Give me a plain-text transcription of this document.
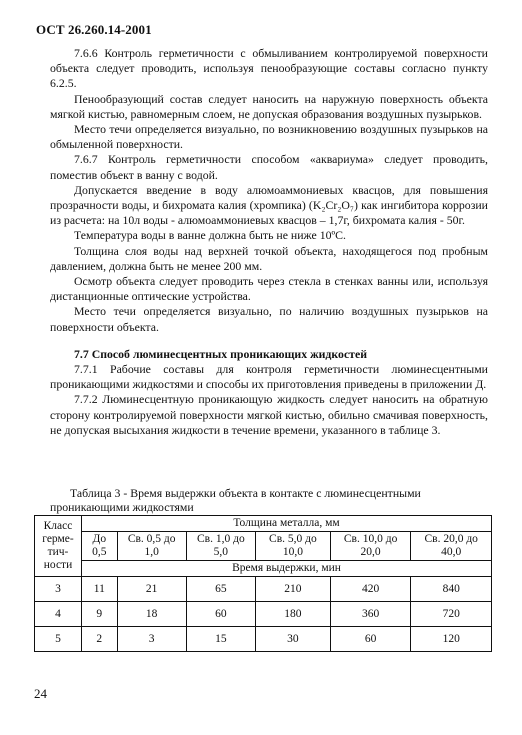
ОСТ 26.260.14-2001

7.6.6 Контроль герметичности с обмыливанием контролируемой поверхности объекта следует проводить, используя пенообразующие составы согласно пункту 6.2.5.

Пенообразующий состав следует наносить на наружную поверхность объекта мягкой кистью, равномерным слоем, не допуская образования воздушных пузырьков.

Место течи определяется визуально, по возникновению воздушных пузырьков на обмыленной поверхности.

7.6.7 Контроль герметичности способом «аквариума» следует проводить, поместив объект в ванну с водой.

Допускается введение в воду алюмоаммониевых квасцов, для повышения прозрачности воды, и бихромата калия (хромпика) (K₂Cr₂O₇) как ингибитора коррозии из расчета: на 10л воды - алюмоаммониевых квасцов – 1,7г, бихромата калия - 50г.

Температура воды в ванне должна быть не ниже 10ºС.

Толщина слоя воды над верхней точкой объекта, находящегося под пробным давлением, должна быть не менее 200 мм.

Осмотр объекта следует проводить через стекла в стенках ванны или, используя дистанционные оптические устройства.

Место течи определяется визуально, по наличию воздушных пузырьков на поверхности объекта.

7.7 Способ люминесцентных проникающих жидкостей

7.7.1 Рабочие составы для контроля герметичности люминесцентными проникающими жидкостями и способы их приготовления приведены в приложении Д.

7.7.2 Люминесцентную проникающую жидкость следует наносить на обратную сторону контролируемой поверхности мягкой кистью, обильно смачивая поверхность, не допуская высыхания жидкости в течение времени, указанного в таблице 3.

Таблица 3 - Время выдержки объекта в контакте с люминесцентными
проникающими жидкостями
Класс герме-тич-ности	Толщина металла, мм					
	До 0,5	Св. 0,5 до 1,0	Св. 1,0 до 5,0	Св. 5,0 до 10,0	Св. 10,0 до 20,0	Св. 20,0 до 40,0
	Время выдержки, мин					
3	11	21	65	210	420	840
4	9	18	60	180	360	720
5	2	3	15	30	60	120
24
